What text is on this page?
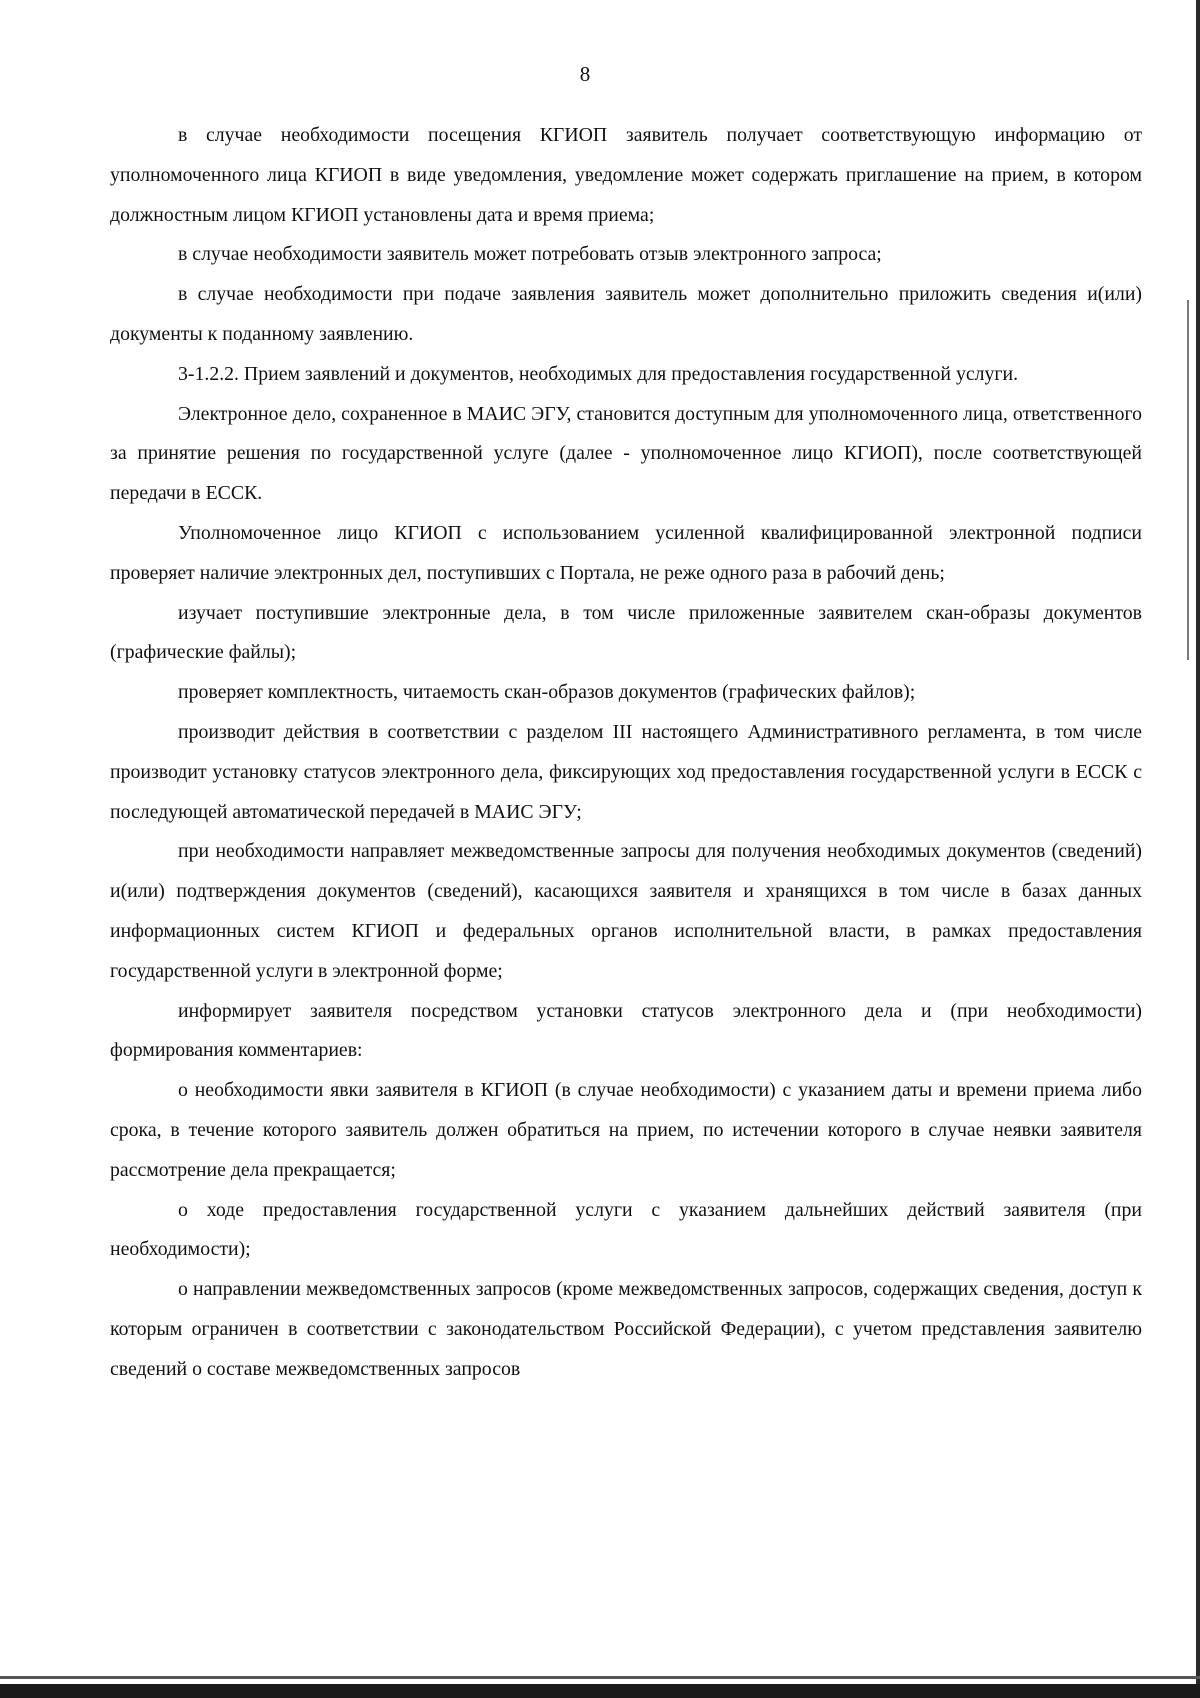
8

в случае необходимости посещения КГИОП заявитель получает соответствующую информацию от уполномоченного лица КГИОП в виде уведомления, уведомление может содержать приглашение на прием, в котором должностным лицом КГИОП установлены дата и время приема;

в случае необходимости заявитель может потребовать отзыв электронного запроса;

в случае необходимости при подаче заявления заявитель может дополнительно приложить сведения и(или) документы к поданному заявлению.

3-1.2.2. Прием заявлений и документов, необходимых для предоставления государственной услуги.

Электронное дело, сохраненное в МАИС ЭГУ, становится доступным для уполномоченного лица, ответственного за принятие решения по государственной услуге (далее - уполномоченное лицо КГИОП), после соответствующей передачи в ЕССК.

Уполномоченное лицо КГИОП с использованием усиленной квалифицированной электронной подписи проверяет наличие электронных дел, поступивших с Портала, не реже одного раза в рабочий день;

изучает поступившие электронные дела, в том числе приложенные заявителем скан-образы документов (графические файлы);

проверяет комплектность, читаемость скан-образов документов (графических файлов);

производит действия в соответствии с разделом III настоящего Административного регламента, в том числе производит установку статусов электронного дела, фиксирующих ход предоставления государственной услуги в ЕССК с последующей автоматической передачей в МАИС ЭГУ;

при необходимости направляет межведомственные запросы для получения необходимых документов (сведений) и(или) подтверждения документов (сведений), касающихся заявителя и хранящихся в том числе в базах данных информационных систем КГИОП и федеральных органов исполнительной власти, в рамках предоставления государственной услуги в электронной форме;

информирует заявителя посредством установки статусов электронного дела и (при необходимости) формирования комментариев:

о необходимости явки заявителя в КГИОП (в случае необходимости) с указанием даты и времени приема либо срока, в течение которого заявитель должен обратиться на прием, по истечении которого в случае неявки заявителя рассмотрение дела прекращается;

о ходе предоставления государственной услуги с указанием дальнейших действий заявителя (при необходимости);

о направлении межведомственных запросов (кроме межведомственных запросов, содержащих сведения, доступ к которым ограничен в соответствии с законодательством Российской Федерации), с учетом представления заявителю сведений о составе межведомственных запросов
